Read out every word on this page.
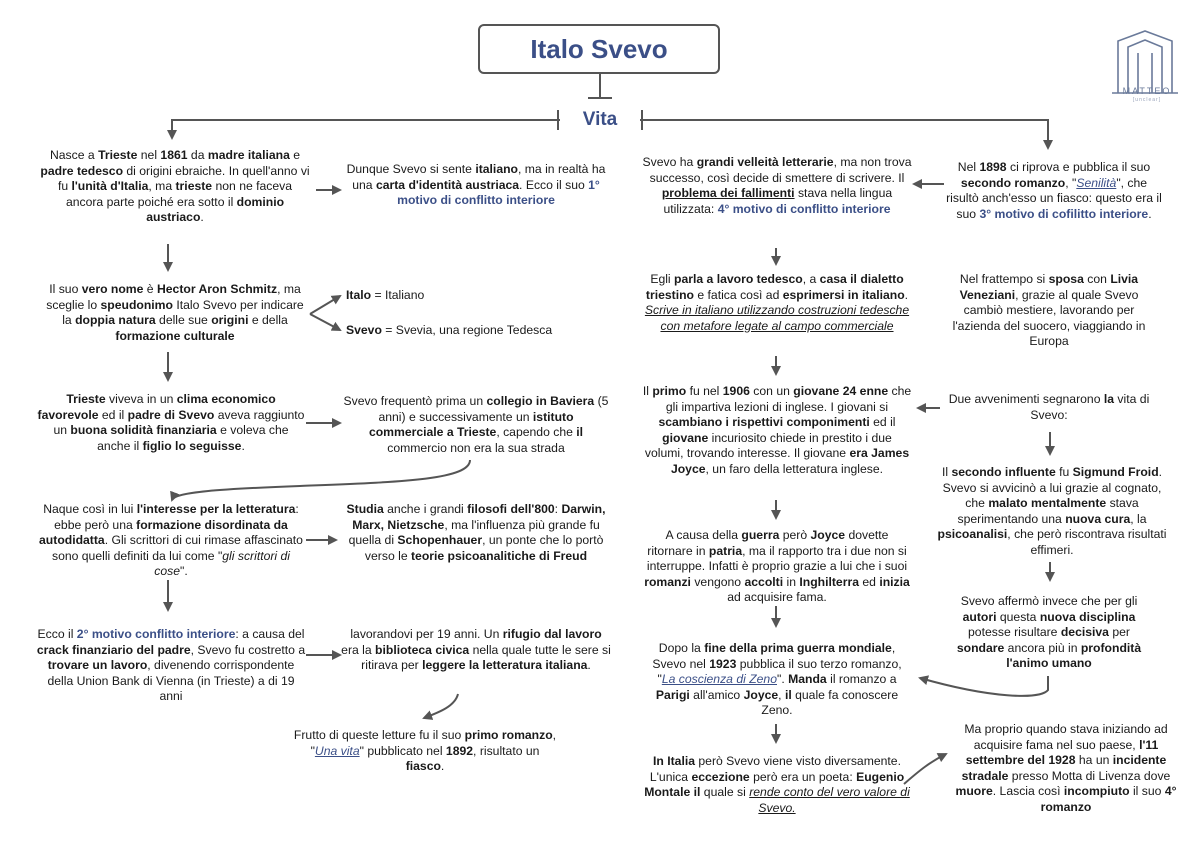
Italo Svevo
Vita
MATTEO
[unclear]
Nasce a Trieste nel 1861 da madre italiana e padre tedesco di origini ebraiche. In quell'anno vi fu l'unità d'Italia, ma trieste non ne faceva ancora parte poiché era sotto il dominio austriaco.
Il suo vero nome è Hector Aron Schmitz, ma sceglie lo speudonimo Italo Svevo per indicare la doppia natura delle sue origini e della formazione culturale
Trieste viveva in un clima economico favorevole ed il padre di Svevo aveva raggiunto un buona solidità finanziaria e voleva che anche il figlio lo seguisse.
Naque così in lui l'interesse per la letteratura: ebbe però una formazione disordinata da autodidatta. Gli scrittori di cui rimase affascinato sono quelli definiti da lui come "gli scrittori di cose".
Ecco il 2° motivo conflitto interiore: a causa del crack finanziario del padre, Svevo fu costretto a trovare un lavoro, divenendo corrispondente della Union Bank di Vienna (in Trieste) a di 19 anni
Dunque Svevo si sente italiano, ma in realtà ha una carta d'identità austriaca. Ecco il suo 1° motivo di conflitto interiore
Italo = Italiano
Svevo = Svevia, una regione Tedesca
Svevo frequentò prima un collegio in Baviera (5 anni) e successivamente un istituto commerciale a Trieste, capendo che il commercio non era la sua strada
Studia anche i grandi filosofi dell'800: Darwin, Marx, Nietzsche, ma l'influenza più grande fu quella di Schopenhauer, un ponte che lo portò verso le teorie psicoanalitiche di Freud
lavorandovi per 19 anni. Un rifugio dal lavoro era la biblioteca civica nella quale tutte le sere si ritirava per leggere la letteratura italiana.
Frutto di queste letture fu il suo primo romanzo, "Una vita" pubblicato nel 1892, risultato un fiasco.
Svevo ha grandi velleità letterarie, ma non trova successo, così decide di smettere di scrivere. Il problema dei fallimenti stava nella lingua utilizzata: 4° motivo di conflitto interiore
Egli parla a lavoro tedesco, a casa il dialetto triestino e fatica così ad esprimersi in italiano. Scrive in italiano utilizzando costruzioni tedesche con metafore legate al campo commerciale
Il primo fu nel 1906 con un giovane 24 enne che gli impartiva lezioni di inglese. I giovani si scambiano i rispettivi componimenti ed il giovane incuriosito chiede in prestito i due volumi, trovando interesse. Il giovane era James Joyce, un faro della letteratura inglese.
A causa della guerra però Joyce dovette ritornare in patria, ma il rapporto tra i due non si interruppe. Infatti è proprio grazie a lui che i suoi romanzi vengono accolti in Inghilterra ed inizia ad acquisire fama.
Dopo la fine della prima guerra mondiale, Svevo nel 1923 pubblica il suo terzo romanzo, "La coscienza di Zeno". Manda il romanzo a Parigi all'amico Joyce, il quale fa conoscere Zeno.
In Italia però Svevo viene visto diversamente. L'unica eccezione però era un poeta: Eugenio Montale il quale si rende conto del vero valore di Svevo.
Nel 1898 ci riprova e pubblica il suo secondo romanzo, "Senilità", che risultò anch'esso un fiasco: questo era il suo 3° motivo di cofilitto interiore.
Nel frattempo si sposa con Livia Veneziani, grazie al quale Svevo cambiò mestiere, lavorando per l'azienda del suocero, viaggiando in Europa
Due avvenimenti segnarono la vita di Svevo:
Il secondo influente fu Sigmund Froid. Svevo si avvicinò a lui grazie al cognato, che malato mentalmente stava sperimentando una nuova cura, la psicoanalisi, che però riscontrava risultati effimeri.
Svevo affermò invece che per gli autori questa nuova disciplina potesse risultare decisiva per sondare ancora più in profondità l'animo umano
Ma proprio quando stava iniziando ad acquisire fama nel suo paese, l'11 settembre del 1928 ha un incidente stradale presso Motta di Livenza dove muore. Lascia così incompiuto il suo 4° romanzo
